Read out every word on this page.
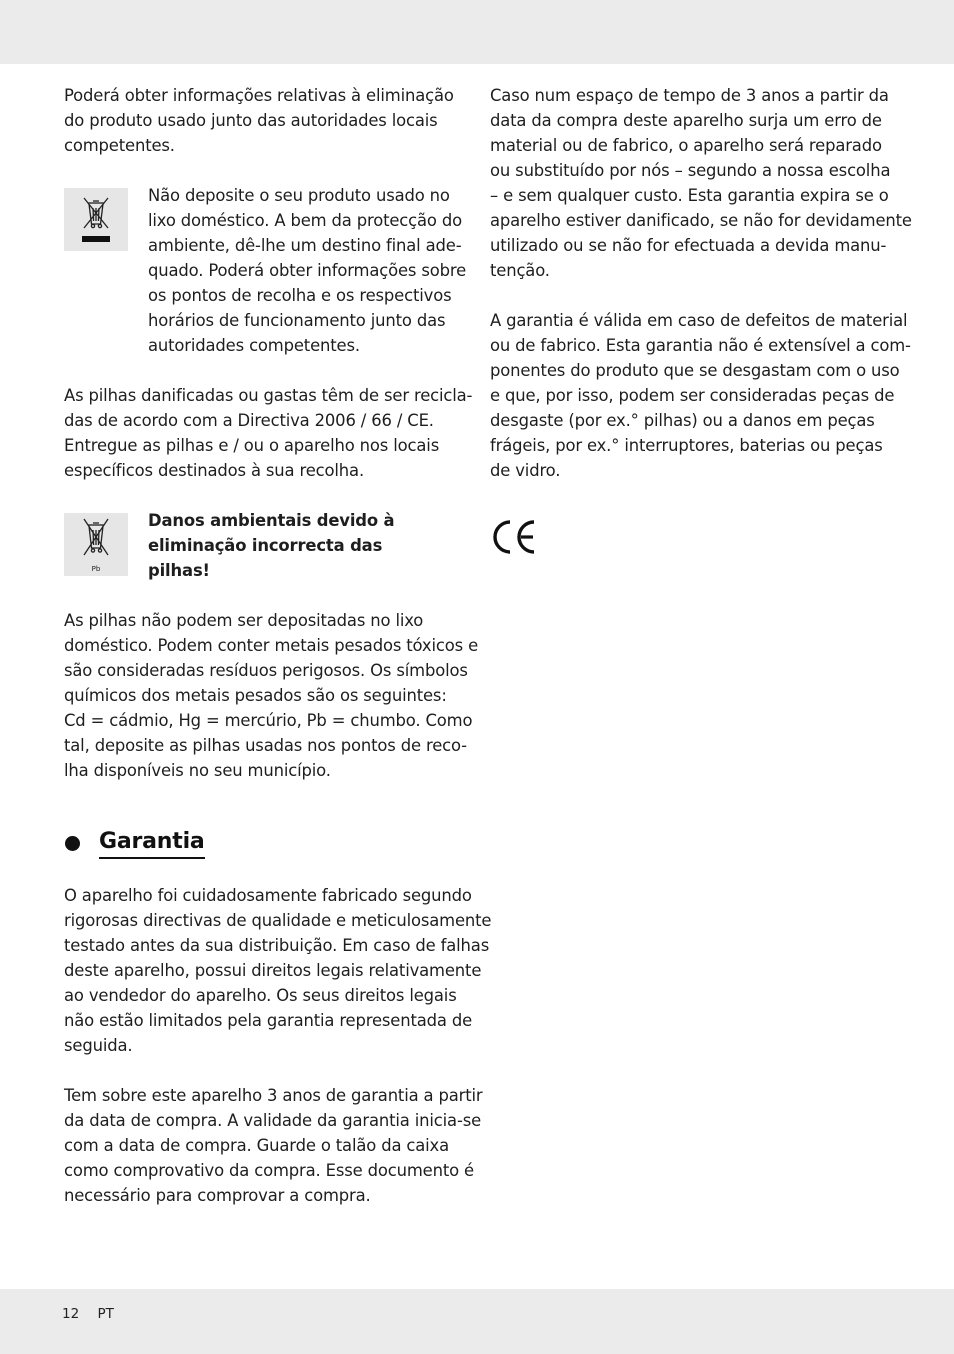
Poderá obter informações relativas à eliminação
do produto usado junto das autoridades locais
competentes.

Não deposite o seu produto usado no
lixo doméstico. A bem da protecção do
ambiente, dê-lhe um destino final ade-
quado. Poderá obter informações sobre
os pontos de recolha e os respectivos
horários de funcionamento junto das
autoridades competentes.

As pilhas danificadas ou gastas têm de ser recicla-
das de acordo com a Directiva 2006 / 66 / CE.
Entregue as pilhas e / ou o aparelho nos locais
específicos destinados à sua recolha.

Pb

Danos ambientais devido à
eliminação incorrecta das
pilhas!

As pilhas não podem ser depositadas no lixo
doméstico. Podem conter metais pesados tóxicos e
são consideradas resíduos perigosos. Os símbolos
químicos dos metais pesados são os seguintes:
Cd = cádmio, Hg = mercúrio, Pb = chumbo. Como
tal, deposite as pilhas usadas nos pontos de reco-
lha disponíveis no seu município.

Garantia

O aparelho foi cuidadosamente fabricado segundo
rigorosas directivas de qualidade e meticulosamente
testado antes da sua distribuição. Em caso de falhas
deste aparelho, possui direitos legais relativamente
ao vendedor do aparelho. Os seus direitos legais
não estão limitados pela garantia representada de
seguida.

Tem sobre este aparelho 3 anos de garantia a partir
da data de compra. A validade da garantia inicia-se
com a data de compra. Guarde o talão da caixa
como comprovativo da compra. Esse documento é
necessário para comprovar a compra.

Caso num espaço de tempo de 3 anos a partir da
data da compra deste aparelho surja um erro de
material ou de fabrico, o aparelho será reparado
ou substituído por nós – segundo a nossa escolha
– e sem qualquer custo. Esta garantia expira se o
aparelho estiver danificado, se não for devidamente
utilizado ou se não for efectuada a devida manu-
tenção.

A garantia é válida em caso de defeitos de material
ou de fabrico. Esta garantia não é extensível a com-
ponentes do produto que se desgastam com o uso
e que, por isso, podem ser consideradas peças de
desgaste (por ex.° pilhas) ou a danos em peças
frágeis, por ex.° interruptores, baterias ou peças
de vidro.

12 PT
